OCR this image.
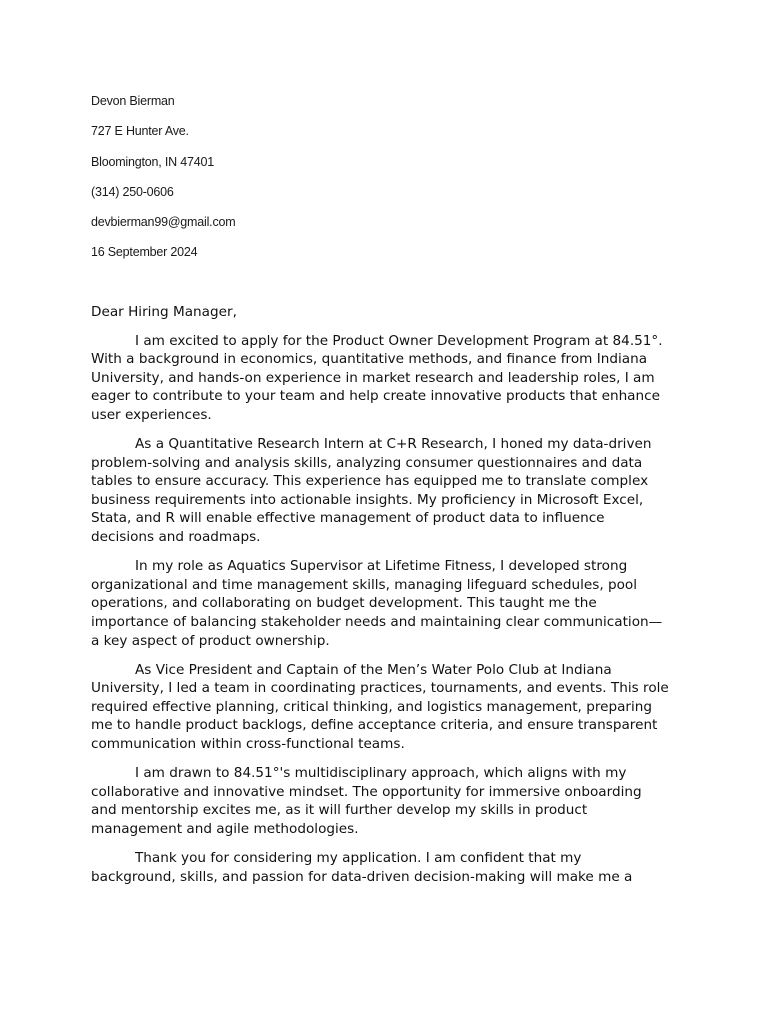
Devon Bierman
727 E Hunter Ave.
Bloomington, IN 47401
(314) 250-0606
devbierman99@gmail.com
16 September 2024
Dear Hiring Manager,
I am excited to apply for the Product Owner Development Program at 84.51°.
With a background in economics, quantitative methods, and finance from Indiana
University, and hands-on experience in market research and leadership roles, I am
eager to contribute to your team and help create innovative products that enhance
user experiences.
As a Quantitative Research Intern at C+R Research, I honed my data-driven
problem-solving and analysis skills, analyzing consumer questionnaires and data
tables to ensure accuracy. This experience has equipped me to translate complex
business requirements into actionable insights. My proficiency in Microsoft Excel,
Stata, and R will enable effective management of product data to influence
decisions and roadmaps.
In my role as Aquatics Supervisor at Lifetime Fitness, I developed strong
organizational and time management skills, managing lifeguard schedules, pool
operations, and collaborating on budget development. This taught me the
importance of balancing stakeholder needs and maintaining clear communication—
a key aspect of product ownership.
As Vice President and Captain of the Men’s Water Polo Club at Indiana
University, I led a team in coordinating practices, tournaments, and events. This role
required effective planning, critical thinking, and logistics management, preparing
me to handle product backlogs, define acceptance criteria, and ensure transparent
communication within cross-functional teams.
I am drawn to 84.51°'s multidisciplinary approach, which aligns with my
collaborative and innovative mindset. The opportunity for immersive onboarding
and mentorship excites me, as it will further develop my skills in product
management and agile methodologies.
Thank you for considering my application. I am confident that my
background, skills, and passion for data-driven decision-making will make me a
